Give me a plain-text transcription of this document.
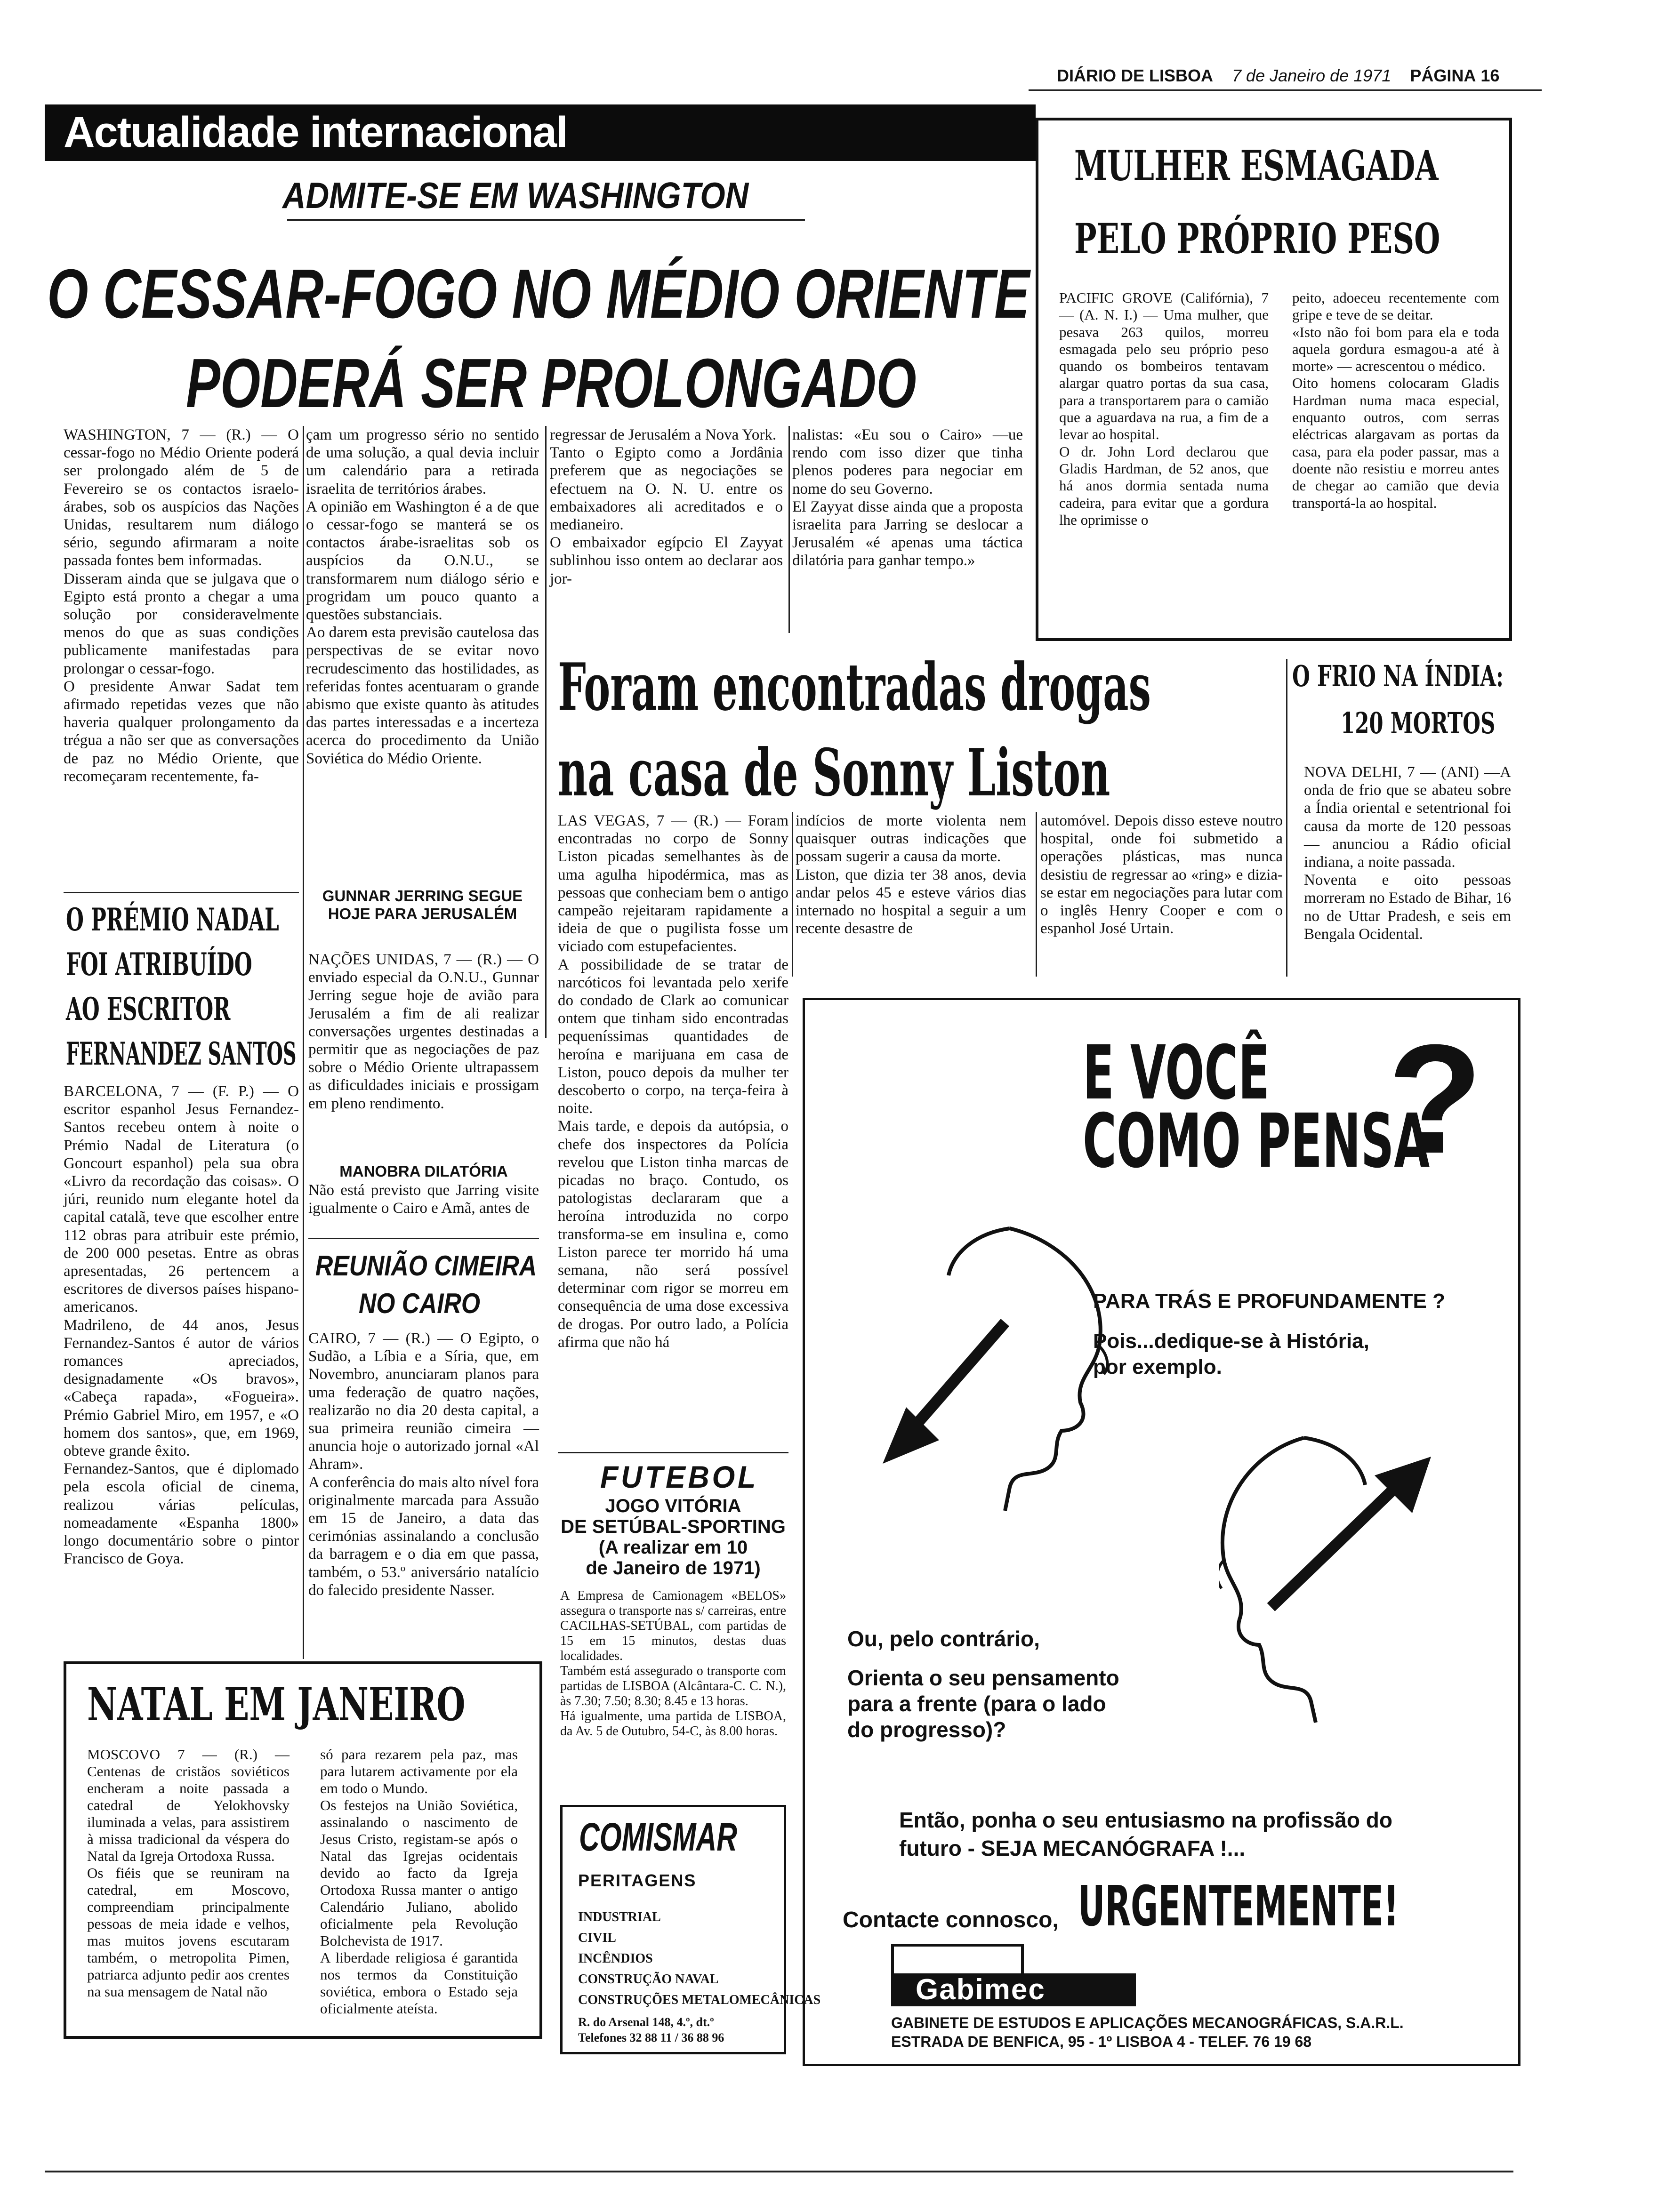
DIÁRIO DE LISBOA 7 de Janeiro de 1971 PÁGINA 16
Actualidade internacional
ADMITE-SE EM WASHINGTON
O CESSAR-FOGO NO MÉDIO ORIENTE
PODERÁ SER PROLONGADO
WASHINGTON, 7 — (R.) — O cessar-fogo no Médio Oriente poderá ser prolongado além de 5 de Fevereiro se os contactos israelo-árabes, sob os auspícios das Nações Unidas, resultarem num diálogo sério, segundo afirmaram a noite passada fontes bem informadas.
Disseram ainda que se julgava que o Egipto está pronto a chegar a uma solução por consideravelmente menos do que as suas condições publicamente manifestadas para prolongar o cessar-fogo.
O presidente Anwar Sadat tem afirmado repetidas vezes que não haveria qualquer prolongamento da trégua a não ser que as conversações de paz no Médio Oriente, que recomeçaram recentemente, fa-
çam um progresso sério no sentido de uma solução, a qual devia incluir um calendário para a retirada israelita de territórios árabes.
A opinião em Washington é a de que o cessar-fogo se manterá se os contactos árabe-israelitas sob os auspícios da O.N.U., se transformarem num diálogo sério e progridam um pouco quanto a questões substanciais.
Ao darem esta previsão cautelosa das perspectivas de se evitar novo recrudescimento das hostilidades, as referidas fontes acentuaram o grande abismo que existe quanto às atitudes das partes interessadas e a incerteza acerca do procedimento da União Soviética do Médio Oriente.
regressar de Jerusalém a Nova York.
Tanto o Egipto como a Jordânia preferem que as negociações se efectuem na O. N. U. entre os embaixadores ali acreditados e o medianeiro.
O embaixador egípcio El Zayyat sublinhou isso ontem ao declarar aos jor-
nalistas: «Eu sou o Cairo» —ue rendo com isso dizer que tinha plenos poderes para negociar em nome do seu Governo.
El Zayyat disse ainda que a proposta israelita para Jarring se deslocar a Jerusalém «é apenas uma táctica dilatória para ganhar tempo.»
O PRÉMIO NADAL
FOI ATRIBUÍDO
AO ESCRITOR
FERNANDEZ SANTOS
BARCELONA, 7 — (F. P.) — O escritor espanhol Jesus Fernandez-Santos recebeu ontem à noite o Prémio Nadal de Literatura (o Goncourt espanhol) pela sua obra «Livro da recordação das coisas». O júri, reunido num elegante hotel da capital catalã, teve que escolher entre 112 obras para atribuir este prémio, de 200 000 pesetas. Entre as obras apresentadas, 26 pertencem a escritores de diversos países hispano-americanos.
Madrileno, de 44 anos, Jesus Fernandez-Santos é autor de vários romances apreciados, designadamente «Os bravos», «Cabeça rapada», «Fogueira». Prémio Gabriel Miro, em 1957, e «O homem dos santos», que, em 1969, obteve grande êxito.
Fernandez-Santos, que é diplomado pela escola oficial de cinema, realizou várias películas, nomeadamente «Espanha 1800» longo documentário sobre o pintor Francisco de Goya.
GUNNAR JERRING SEGUE HOJE PARA JERUSALÉM
NAÇÕES UNIDAS, 7 — (R.) — O enviado especial da O.N.U., Gunnar Jerring segue hoje de avião para Jerusalém a fim de ali realizar conversações urgentes destinadas a permitir que as negociações de paz sobre o Médio Oriente ultrapassem as dificuldades iniciais e prossigam em pleno rendimento.
MANOBRA DILATÓRIA
Não está previsto que Jarring visite igualmente o Cairo e Amã, antes de
REUNIÃO CIMEIRA
NO CAIRO
CAIRO, 7 — (R.) — O Egipto, o Sudão, a Líbia e a Síria, que, em Novembro, anunciaram planos para uma federação de quatro nações, realizarão no dia 20 desta capital, a sua primeira reunião cimeira — anuncia hoje o autorizado jornal «Al Ahram».
A conferência do mais alto nível fora originalmente marcada para Assuão em 15 de Janeiro, a data das cerimónias assinalando a conclusão da barragem e o dia em que passa, também, o 53.º aniversário natalício do falecido presidente Nasser.
MULHER ESMAGADA
PELO PRÓPRIO PESO
PACIFIC GROVE (Califórnia), 7 — (A. N. I.) — Uma mulher, que pesava 263 quilos, morreu esmagada pelo seu próprio peso quando os bombeiros tentavam alargar quatro portas da sua casa, para a transportarem para o camião que a aguardava na rua, a fim de a levar ao hospital.
O dr. John Lord declarou que Gladis Hardman, de 52 anos, que há anos dormia sentada numa cadeira, para evitar que a gordura lhe oprimisse o
peito, adoeceu recentemente com gripe e teve de se deitar.
«Isto não foi bom para ela e toda aquela gordura esmagou-a até à morte» — acrescentou o médico.
Oito homens colocaram Gladis Hardman numa maca especial, enquanto outros, com serras eléctricas alargavam as portas da casa, para ela poder passar, mas a doente não resistiu e morreu antes de chegar ao camião que devia transportá-la ao hospital.
Foram encontradas drogas
na casa de Sonny Liston
LAS VEGAS, 7 — (R.) — Foram encontradas no corpo de Sonny Liston picadas semelhantes às de uma agulha hipodérmica, mas as pessoas que conheciam bem o antigo campeão rejeitaram rapidamente a ideia de que o pugilista fosse um viciado com estupefacientes.
A possibilidade de se tratar de narcóticos foi levantada pelo xerife do condado de Clark ao comunicar ontem que tinham sido encontradas pequeníssimas quantidades de heroína e marijuana em casa de Liston, pouco depois da mulher ter descoberto o corpo, na terça-feira à noite.
Mais tarde, e depois da autópsia, o chefe dos inspectores da Polícia revelou que Liston tinha marcas de picadas no braço. Contudo, os patologistas declararam que a heroína introduzida no corpo transforma-se em insulina e, como Liston parece ter morrido há uma semana, não será possível determinar com rigor se morreu em consequência de uma dose excessiva de drogas. Por outro lado, a Polícia afirma que não há
indícios de morte violenta nem quaisquer outras indicações que possam sugerir a causa da morte.
Liston, que dizia ter 38 anos, devia andar pelos 45 e esteve vários dias internado no hospital a seguir a um recente desastre de
automóvel. Depois disso esteve noutro hospital, onde foi submetido a operações plásticas, mas nunca desistiu de regressar ao «ring» e dizia-se estar em negociações para lutar com o inglês Henry Cooper e com o espanhol José Urtain.
O FRIO NA ÍNDIA:
120 MORTOS
NOVA DELHI, 7 — (ANI) —A onda de frio que se abateu sobre a Índia oriental e setentrional foi causa da morte de 120 pessoas — anunciou a Rádio oficial indiana, a noite passada.
Noventa e oito pessoas morreram no Estado de Bihar, 16 no de Uttar Pradesh, e seis em Bengala Ocidental.
FUTEBOL
JOGO VITÓRIA
DE SETÚBAL-SPORTING
(A realizar em 10
de Janeiro de 1971)
A Empresa de Camionagem «BELOS» assegura o transporte nas s/ carreiras, entre CACILHAS-SETÚBAL, com partidas de 15 em 15 minutos, destas duas localidades.
Também está assegurado o transporte com partidas de LISBOA (Alcântara-C. C. N.), às 7.30; 7.50; 8.30; 8.45 e 13 horas.
Há igualmente, uma partida de LISBOA, da Av. 5 de Outubro, 54-C, às 8.00 horas.
COMISMAR
PERITAGENS
INDUSTRIAL
CIVIL
INCÊNDIOS
CONSTRUÇÃO NAVAL
CONSTRUÇÕES METALOMECÂNICAS
R. do Arsenal 148, 4.º, dt.º
Telefones 32 88 11 / 36 88 96
NATAL EM JANEIRO
MOSCOVO 7 — (R.) — Centenas de cristãos soviéticos encheram a noite passada a catedral de Yelokhovsky iluminada a velas, para assistirem à missa tradicional da véspera do Natal da Igreja Ortodoxa Russa.
Os fiéis que se reuniram na catedral, em Moscovo, compreendiam principalmente pessoas de meia idade e velhos, mas muitos jovens escutaram também, o metropolita Pimen, patriarca adjunto pedir aos crentes na sua mensagem de Natal não
só para rezarem pela paz, mas para lutarem activamente por ela em todo o Mundo.
Os festejos na União Soviética, assinalando o nascimento de Jesus Cristo, registam-se após o Natal das Igrejas ocidentais devido ao facto da Igreja Ortodoxa Russa manter o antigo Calendário Juliano, abolido oficialmente pela Revolução Bolchevista de 1917.
A liberdade religiosa é garantida nos termos da Constituição soviética, embora o Estado seja oficialmente ateísta.
E VOCÊ
COMO PENSA
?
PARA TRÁS E PROFUNDAMENTE ?
Pois...dedique-se à História,
por exemplo.
Ou, pelo contrário,
Orienta o seu pensamento
para a frente (para o lado
do progresso)?
Então, ponha o seu entusiasmo na profissão do
futuro - SEJA MECANÓGRAFA !...
Contacte connosco, URGENTEMENTE!
Gabimec
GABINETE DE ESTUDOS E APLICAÇÕES MECANOGRÁFICAS, S.A.R.L.
ESTRADA DE BENFICA, 95 - 1º LISBOA 4 - TELEF. 76 19 68
